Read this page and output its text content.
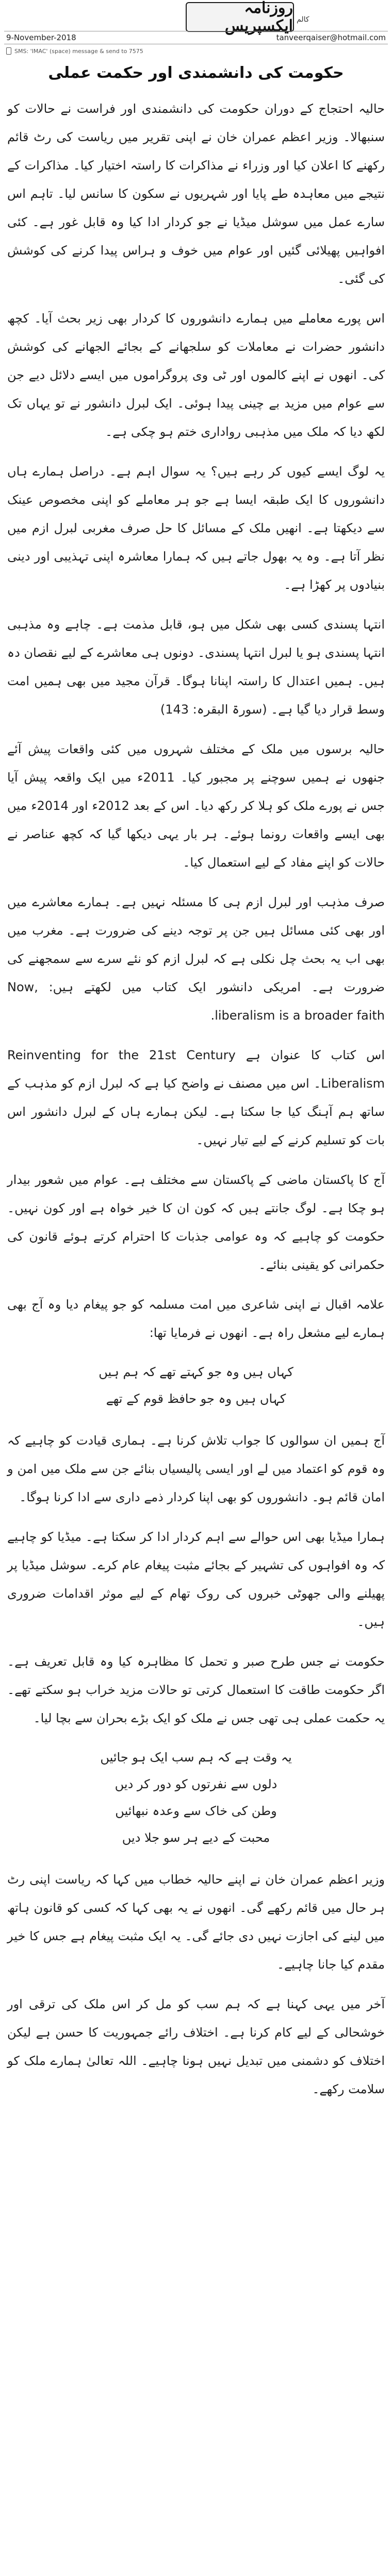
روزنامہ ایکسپریس کالم
9-November-2018	tanveerqaiser@hotmail.com
SMS: 'IMAC' (space) message & send to 7575
حکومت کی دانشمندی اور حکمت عملی

حالیہ احتجاج کے دوران حکومت کی دانشمندی اور فراست نے حالات کو سنبھالا۔ وزیر اعظم عمران خان نے اپنی تقریر میں ریاست کی رٹ قائم رکھنے کا اعلان کیا اور وزراء نے مذاکرات کا راستہ اختیار کیا۔ مذاکرات کے نتیجے میں معاہدہ طے پایا اور شہریوں نے سکون کا سانس لیا۔ تاہم اس سارے عمل میں سوشل میڈیا نے جو کردار ادا کیا وہ قابل غور ہے۔ کئی افواہیں پھیلائی گئیں اور عوام میں خوف و ہراس پیدا کرنے کی کوشش کی گئی۔

اس پورے معاملے میں ہمارے دانشوروں کا کردار بھی زیر بحث آیا۔ کچھ دانشور حضرات نے معاملات کو سلجھانے کے بجائے الجھانے کی کوشش کی۔ انھوں نے اپنے کالموں اور ٹی وی پروگراموں میں ایسے دلائل دیے جن سے عوام میں مزید بے چینی پیدا ہوئی۔ ایک لبرل دانشور نے تو یہاں تک لکھ دیا کہ ملک میں مذہبی رواداری ختم ہو چکی ہے۔

یہ لوگ ایسے کیوں کر رہے ہیں؟ یہ سوال اہم ہے۔ دراصل ہمارے ہاں دانشوروں کا ایک طبقہ ایسا ہے جو ہر معاملے کو اپنی مخصوص عینک سے دیکھتا ہے۔ انھیں ملک کے مسائل کا حل صرف مغربی لبرل ازم میں نظر آتا ہے۔ وہ یہ بھول جاتے ہیں کہ ہمارا معاشرہ اپنی تہذیبی اور دینی بنیادوں پر کھڑا ہے۔

انتہا پسندی کسی بھی شکل میں ہو، قابل مذمت ہے۔ چاہے وہ مذہبی انتہا پسندی ہو یا لبرل انتہا پسندی۔ دونوں ہی معاشرے کے لیے نقصان دہ ہیں۔ ہمیں اعتدال کا راستہ اپنانا ہوگا۔ قرآن مجید میں بھی ہمیں امت وسط قرار دیا گیا ہے۔ (سورۃ البقرہ: 143)

حالیہ برسوں میں ملک کے مختلف شہروں میں کئی واقعات پیش آئے جنھوں نے ہمیں سوچنے پر مجبور کیا۔ 2011ء میں ایک واقعہ پیش آیا جس نے پورے ملک کو ہلا کر رکھ دیا۔ اس کے بعد 2012ء اور 2014ء میں بھی ایسے واقعات رونما ہوئے۔ ہر بار یہی دیکھا گیا کہ کچھ عناصر نے حالات کو اپنے مفاد کے لیے استعمال کیا۔

صرف مذہب اور لبرل ازم ہی کا مسئلہ نہیں ہے۔ ہمارے معاشرے میں اور بھی کئی مسائل ہیں جن پر توجہ دینے کی ضرورت ہے۔ مغرب میں بھی اب یہ بحث چل نکلی ہے کہ لبرل ازم کو نئے سرے سے سمجھنے کی ضرورت ہے۔ امریکی دانشور ایک کتاب میں لکھتے ہیں: Now, liberalism is a broader faith.

اس کتاب کا عنوان ہے Reinventing for the 21st Century Liberalism۔ اس میں مصنف نے واضح کیا ہے کہ لبرل ازم کو مذہب کے ساتھ ہم آہنگ کیا جا سکتا ہے۔ لیکن ہمارے ہاں کے لبرل دانشور اس بات کو تسلیم کرنے کے لیے تیار نہیں۔

آج کا پاکستان ماضی کے پاکستان سے مختلف ہے۔ عوام میں شعور بیدار ہو چکا ہے۔ لوگ جانتے ہیں کہ کون ان کا خیر خواہ ہے اور کون نہیں۔ حکومت کو چاہیے کہ وہ عوامی جذبات کا احترام کرتے ہوئے قانون کی حکمرانی کو یقینی بنائے۔

علامہ اقبال نے اپنی شاعری میں امت مسلمہ کو جو پیغام دیا وہ آج بھی ہمارے لیے مشعل راہ ہے۔ انھوں نے فرمایا تھا:

کہاں ہیں وہ جو کہتے تھے کہ ہم ہیں
کہاں ہیں وہ جو حافظ قوم کے تھے

آج ہمیں ان سوالوں کا جواب تلاش کرنا ہے۔ ہماری قیادت کو چاہیے کہ وہ قوم کو اعتماد میں لے اور ایسی پالیسیاں بنائے جن سے ملک میں امن و امان قائم ہو۔ دانشوروں کو بھی اپنا کردار ذمے داری سے ادا کرنا ہوگا۔

ہمارا میڈیا بھی اس حوالے سے اہم کردار ادا کر سکتا ہے۔ میڈیا کو چاہیے کہ وہ افواہوں کی تشہیر کے بجائے مثبت پیغام عام کرے۔ سوشل میڈیا پر پھیلنے والی جھوٹی خبروں کی روک تھام کے لیے موثر اقدامات ضروری ہیں۔

حکومت نے جس طرح صبر و تحمل کا مظاہرہ کیا وہ قابل تعریف ہے۔ اگر حکومت طاقت کا استعمال کرتی تو حالات مزید خراب ہو سکتے تھے۔ یہ حکمت عملی ہی تھی جس نے ملک کو ایک بڑے بحران سے بچا لیا۔

یہ وقت ہے کہ ہم سب ایک ہو جائیں
دلوں سے نفرتوں کو دور کر دیں
وطن کی خاک سے وعدہ نبھائیں
محبت کے دیے ہر سو جلا دیں

وزیر اعظم عمران خان نے اپنے حالیہ خطاب میں کہا کہ ریاست اپنی رٹ ہر حال میں قائم رکھے گی۔ انھوں نے یہ بھی کہا کہ کسی کو قانون ہاتھ میں لینے کی اجازت نہیں دی جائے گی۔ یہ ایک مثبت پیغام ہے جس کا خیر مقدم کیا جانا چاہیے۔

آخر میں یہی کہنا ہے کہ ہم سب کو مل کر اس ملک کی ترقی اور خوشحالی کے لیے کام کرنا ہے۔ اختلاف رائے جمہوریت کا حسن ہے لیکن اختلاف کو دشمنی میں تبدیل نہیں ہونا چاہیے۔ اللہ تعالیٰ ہمارے ملک کو سلامت رکھے۔
